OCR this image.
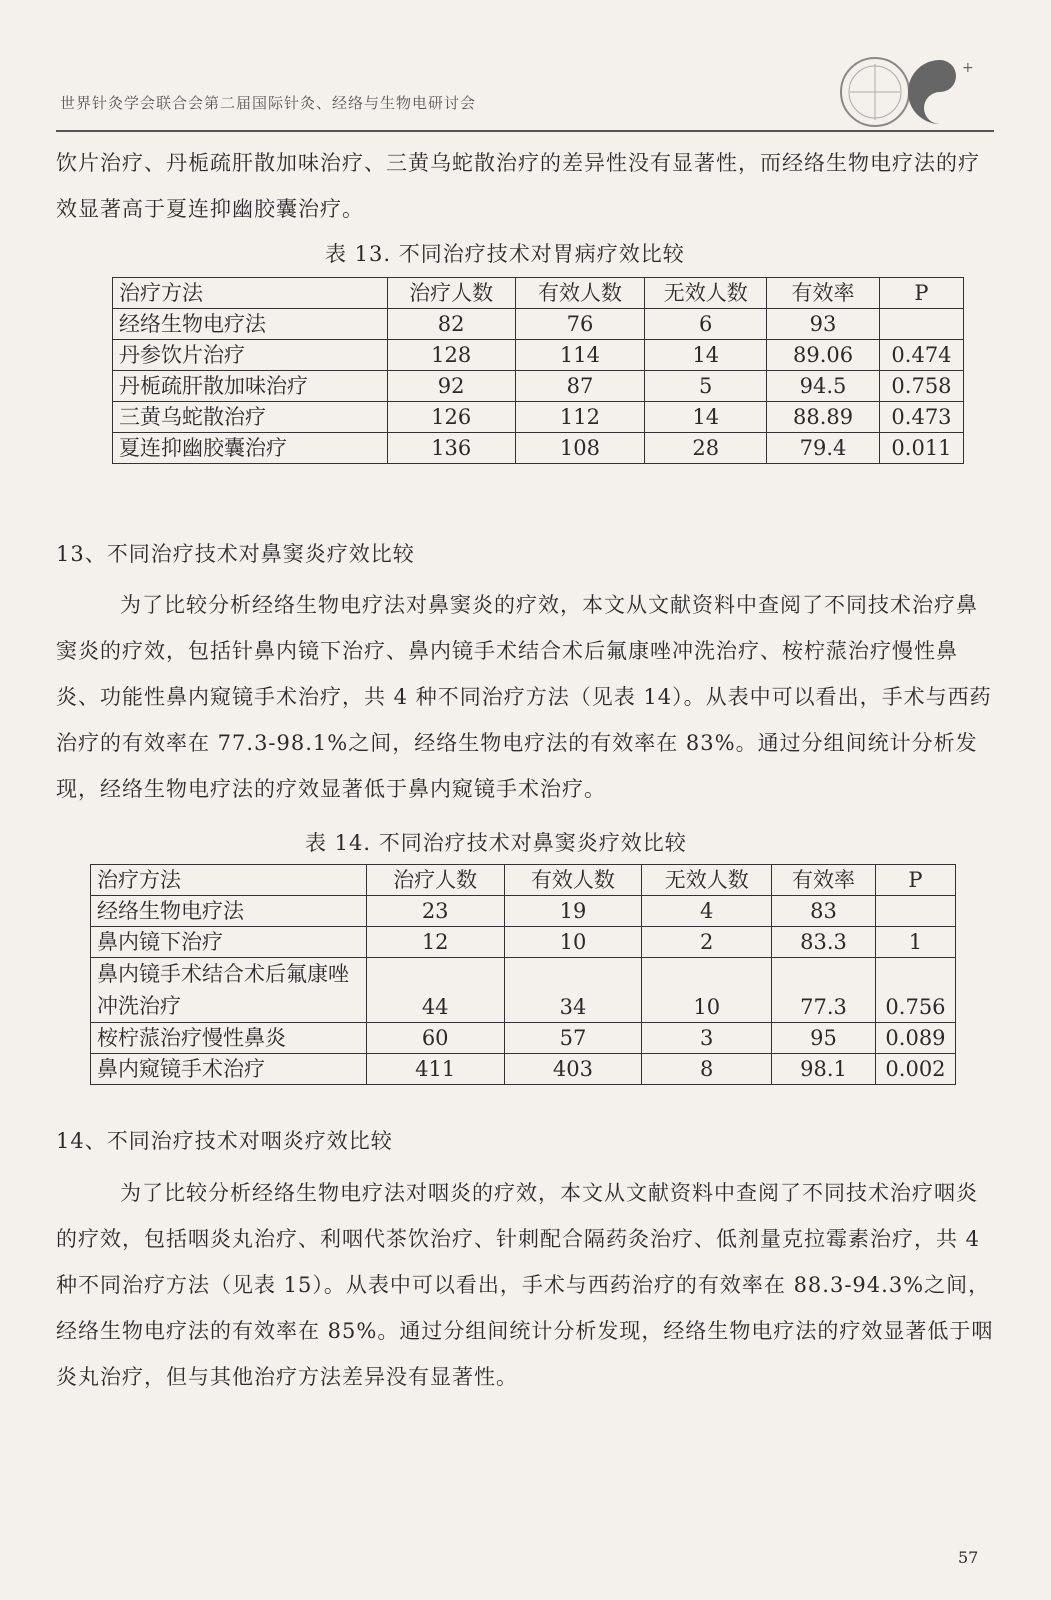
世界针灸学会联合会第二届国际针灸、经络与生物电研讨会
+
饮片治疗、丹栀疏肝散加味治疗、三黄乌蛇散治疗的差异性没有显著性，而经络生物电疗法的疗效显著高于夏连抑幽胶囊治疗。
表 13. 不同治疗技术对胃病疗效比较
治疗方法	治疗人数	有效人数	无效人数	有效率	P
经络生物电疗法	82	76	6	93	
丹参饮片治疗	128	114	14	89.06	0.474
丹栀疏肝散加味治疗	92	87	5	94.5	0.758
三黄乌蛇散治疗	126	112	14	88.89	0.473
夏连抑幽胶囊治疗	136	108	28	79.4	0.011
13、不同治疗技术对鼻窦炎疗效比较
为了比较分析经络生物电疗法对鼻窦炎的疗效，本文从文献资料中查阅了不同技术治疗鼻窦炎的疗效，包括针鼻内镜下治疗、鼻内镜手术结合术后氟康唑冲洗治疗、桉柠蒎治疗慢性鼻炎、功能性鼻内窥镜手术治疗，共 4 种不同治疗方法（见表 14）。从表中可以看出，手术与西药治疗的有效率在 77.3-98.1%之间，经络生物电疗法的有效率在 83%。通过分组间统计分析发现，经络生物电疗法的疗效显著低于鼻内窥镜手术治疗。
表 14. 不同治疗技术对鼻窦炎疗效比较
治疗方法	治疗人数	有效人数	无效人数	有效率	P
经络生物电疗法	23	19	4	83	
鼻内镜下治疗	12	10	2	83.3	1
鼻内镜手术结合术后氟康唑冲洗治疗	44	34	10	77.3	0.756
桉柠蒎治疗慢性鼻炎	60	57	3	95	0.089
鼻内窥镜手术治疗	411	403	8	98.1	0.002
14、不同治疗技术对咽炎疗效比较
为了比较分析经络生物电疗法对咽炎的疗效，本文从文献资料中查阅了不同技术治疗咽炎的疗效，包括咽炎丸治疗、利咽代茶饮治疗、针刺配合隔药灸治疗、低剂量克拉霉素治疗，共 4 种不同治疗方法（见表 15）。从表中可以看出，手术与西药治疗的有效率在 88.3-94.3%之间，经络生物电疗法的有效率在 85%。通过分组间统计分析发现，经络生物电疗法的疗效显著低于咽炎丸治疗，但与其他治疗方法差异没有显著性。
57
